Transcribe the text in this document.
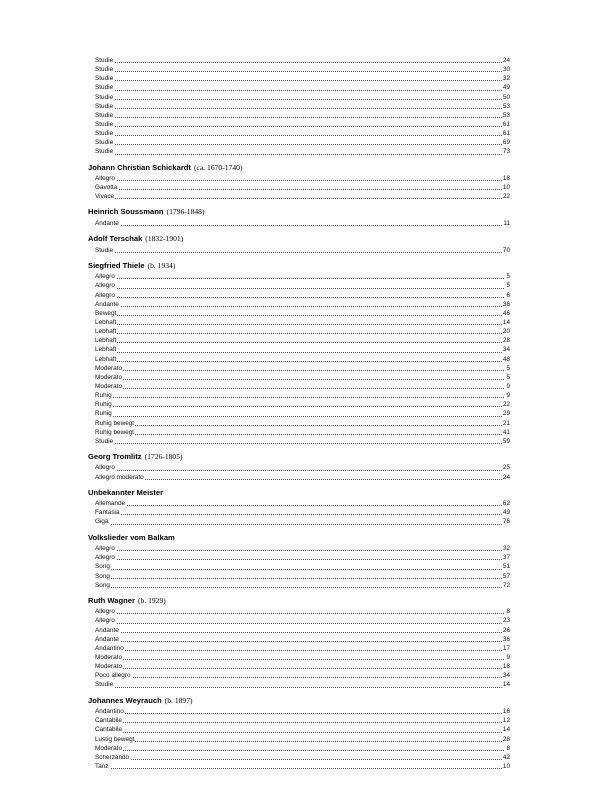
Studie	24
Studie	30
Studie	32
Studie	49
Studie	50
Studie	53
Studie	53
Studie	61
Studie	61
Studie	69
Studie	73
Johann Christian Schickardt (ca. 1670-1740)
Allegro	18
Gavotta	10
Vivace	22
Heinrich Soussmann (1796-1848)
Andante	11
Adolf Terschak (1832-1901)
Studie	70
Siegfried Thiele (b. 1934)
Allegro	5
Allegro	5
Allegro	6
Andante	36
Bewegt	46
Lebhaft	14
Lebhaft	20
Lebhaft	28
Lebhaft	34
Lebhaft	48
Moderato	5
Moderato	5
Moderato	9
Ruhig	9
Ruhig	22
Ruhig	29
Ruhig bewegt	21
Ruhig bewegt	41
Studie	59
Georg Tromlitz (1726-1805)
Allegro	25
Allegro moderato	24
Unbekannter Meister
Allemande	62
Fantasia	49
Giga	76
Volkslieder vom Balkam
Allegro	32
Allegro	37
Song	51
Song	57
Song	72
Ruth Wagner (b. 1929)
Allegro	8
Allegro	23
Andante	26
Andante	36
Andantino	17
Moderato	9
Moderato	18
Poco allegro	34
Studie	14
Johannes Weyrauch (b. 1897)
Andantino	16
Cantabile	12
Cantabile	14
Lustig bewegt	28
Moderato	8
Scherzando	42
Tanz	10
